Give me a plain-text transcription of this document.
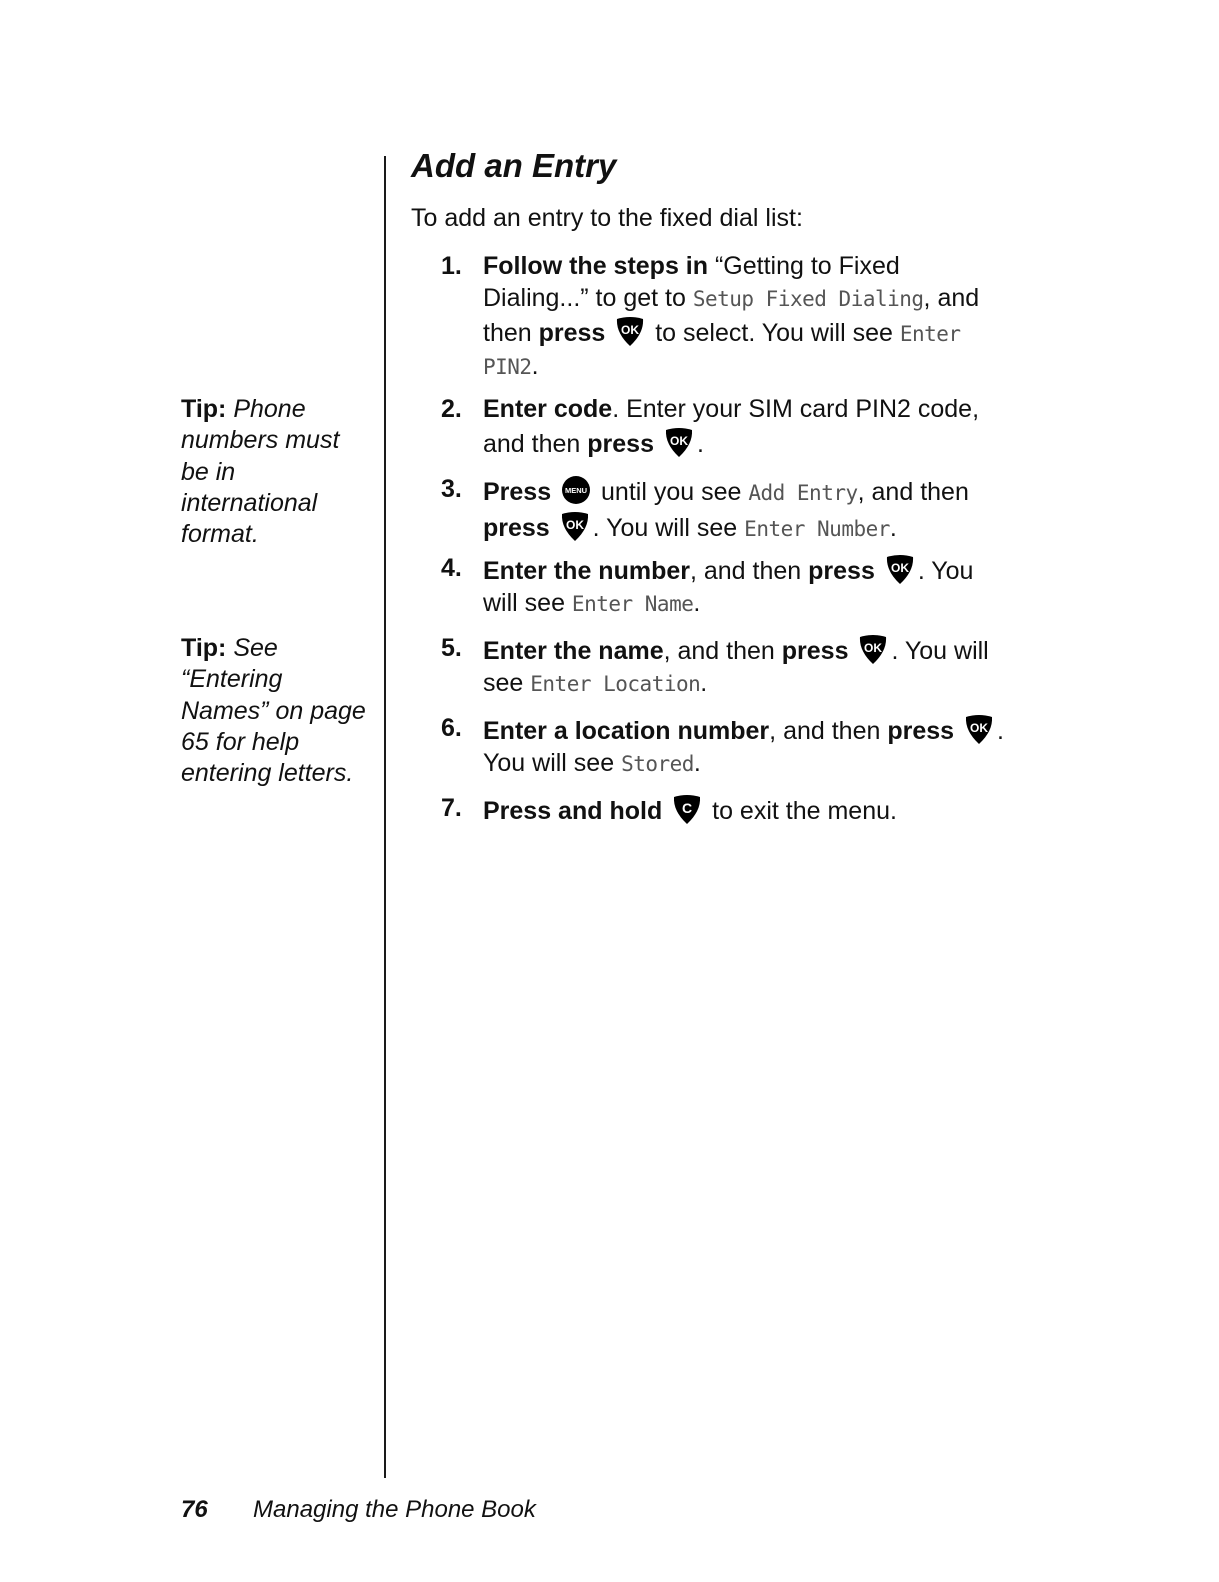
Tip: Phone numbers must be in international format.
Tip: See “Entering Names” on page 65 for help entering letters.
Add an Entry
To add an entry to the fixed dial list:
1. Follow the steps in “Getting to Fixed Dialing...” to get to Setup Fixed Dialing, and then press OK to select. You will see Enter PIN2.
2. Enter code. Enter your SIM card PIN2 code, and then press OK .
3. Press MENU until you see Add Entry, and then press OK . You will see Enter Number.
4. Enter the number, and then press OK . You will see Enter Name.
5. Enter the name, and then press OK . You will see Enter Location.
6. Enter a location number, and then press OK . You will see Stored.
7. Press and hold C to exit the menu.
76 Managing the Phone Book
